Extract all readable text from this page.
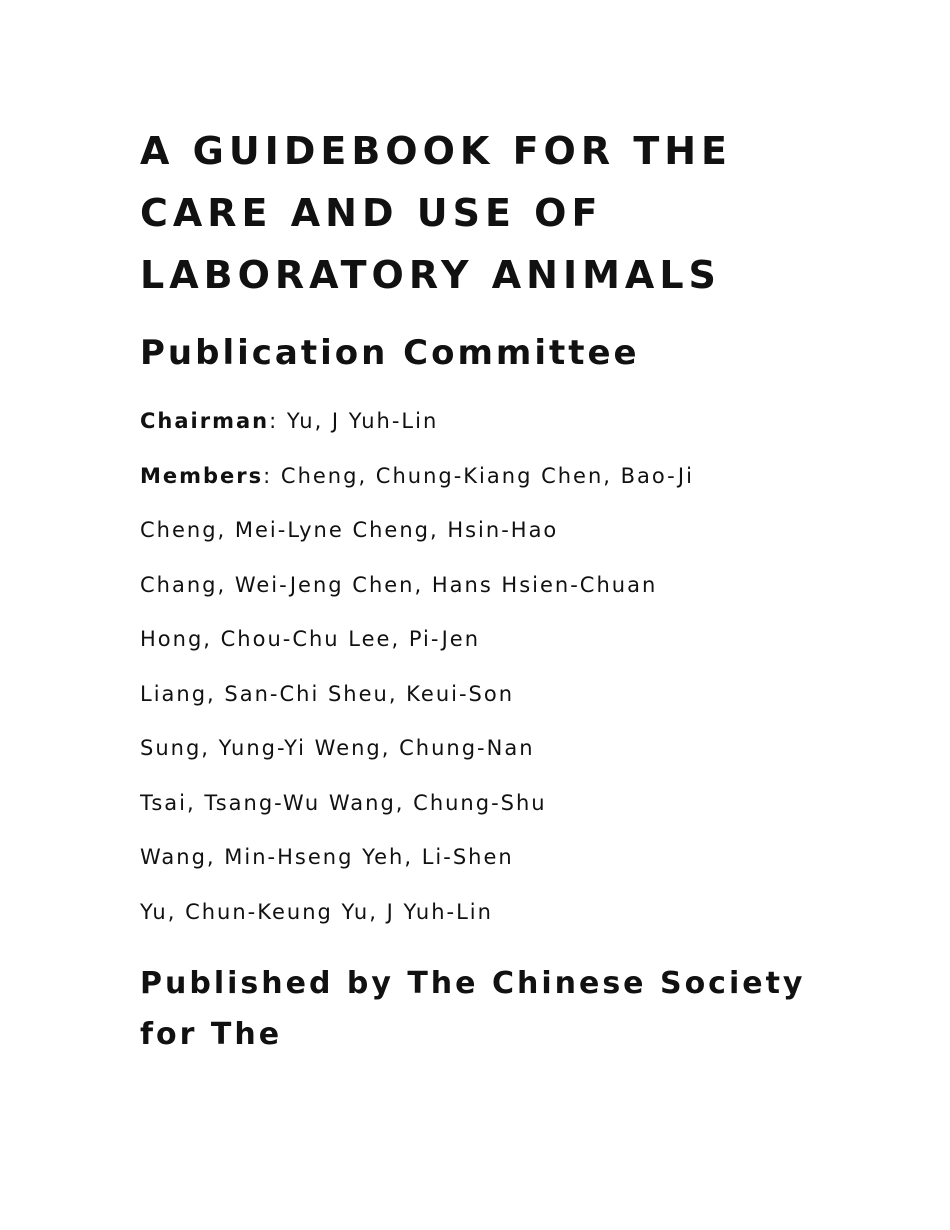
A GUIDEBOOK FOR THE CARE AND USE OF LABORATORY ANIMALS
Publication Committee

Chairman: Yu, J Yuh-Lin

Members: Cheng, Chung-Kiang Chen, Bao-Ji

Cheng, Mei-Lyne Cheng, Hsin-Hao

Chang, Wei-Jeng Chen, Hans Hsien-Chuan

Hong, Chou-Chu Lee, Pi-Jen

Liang, San-Chi Sheu, Keui-Son

Sung, Yung-Yi Weng, Chung-Nan

Tsai, Tsang-Wu Wang, Chung-Shu

Wang, Min-Hseng Yeh, Li-Shen

Yu, Chun-Keung Yu, J Yuh-Lin

Published by The Chinese Society for The
